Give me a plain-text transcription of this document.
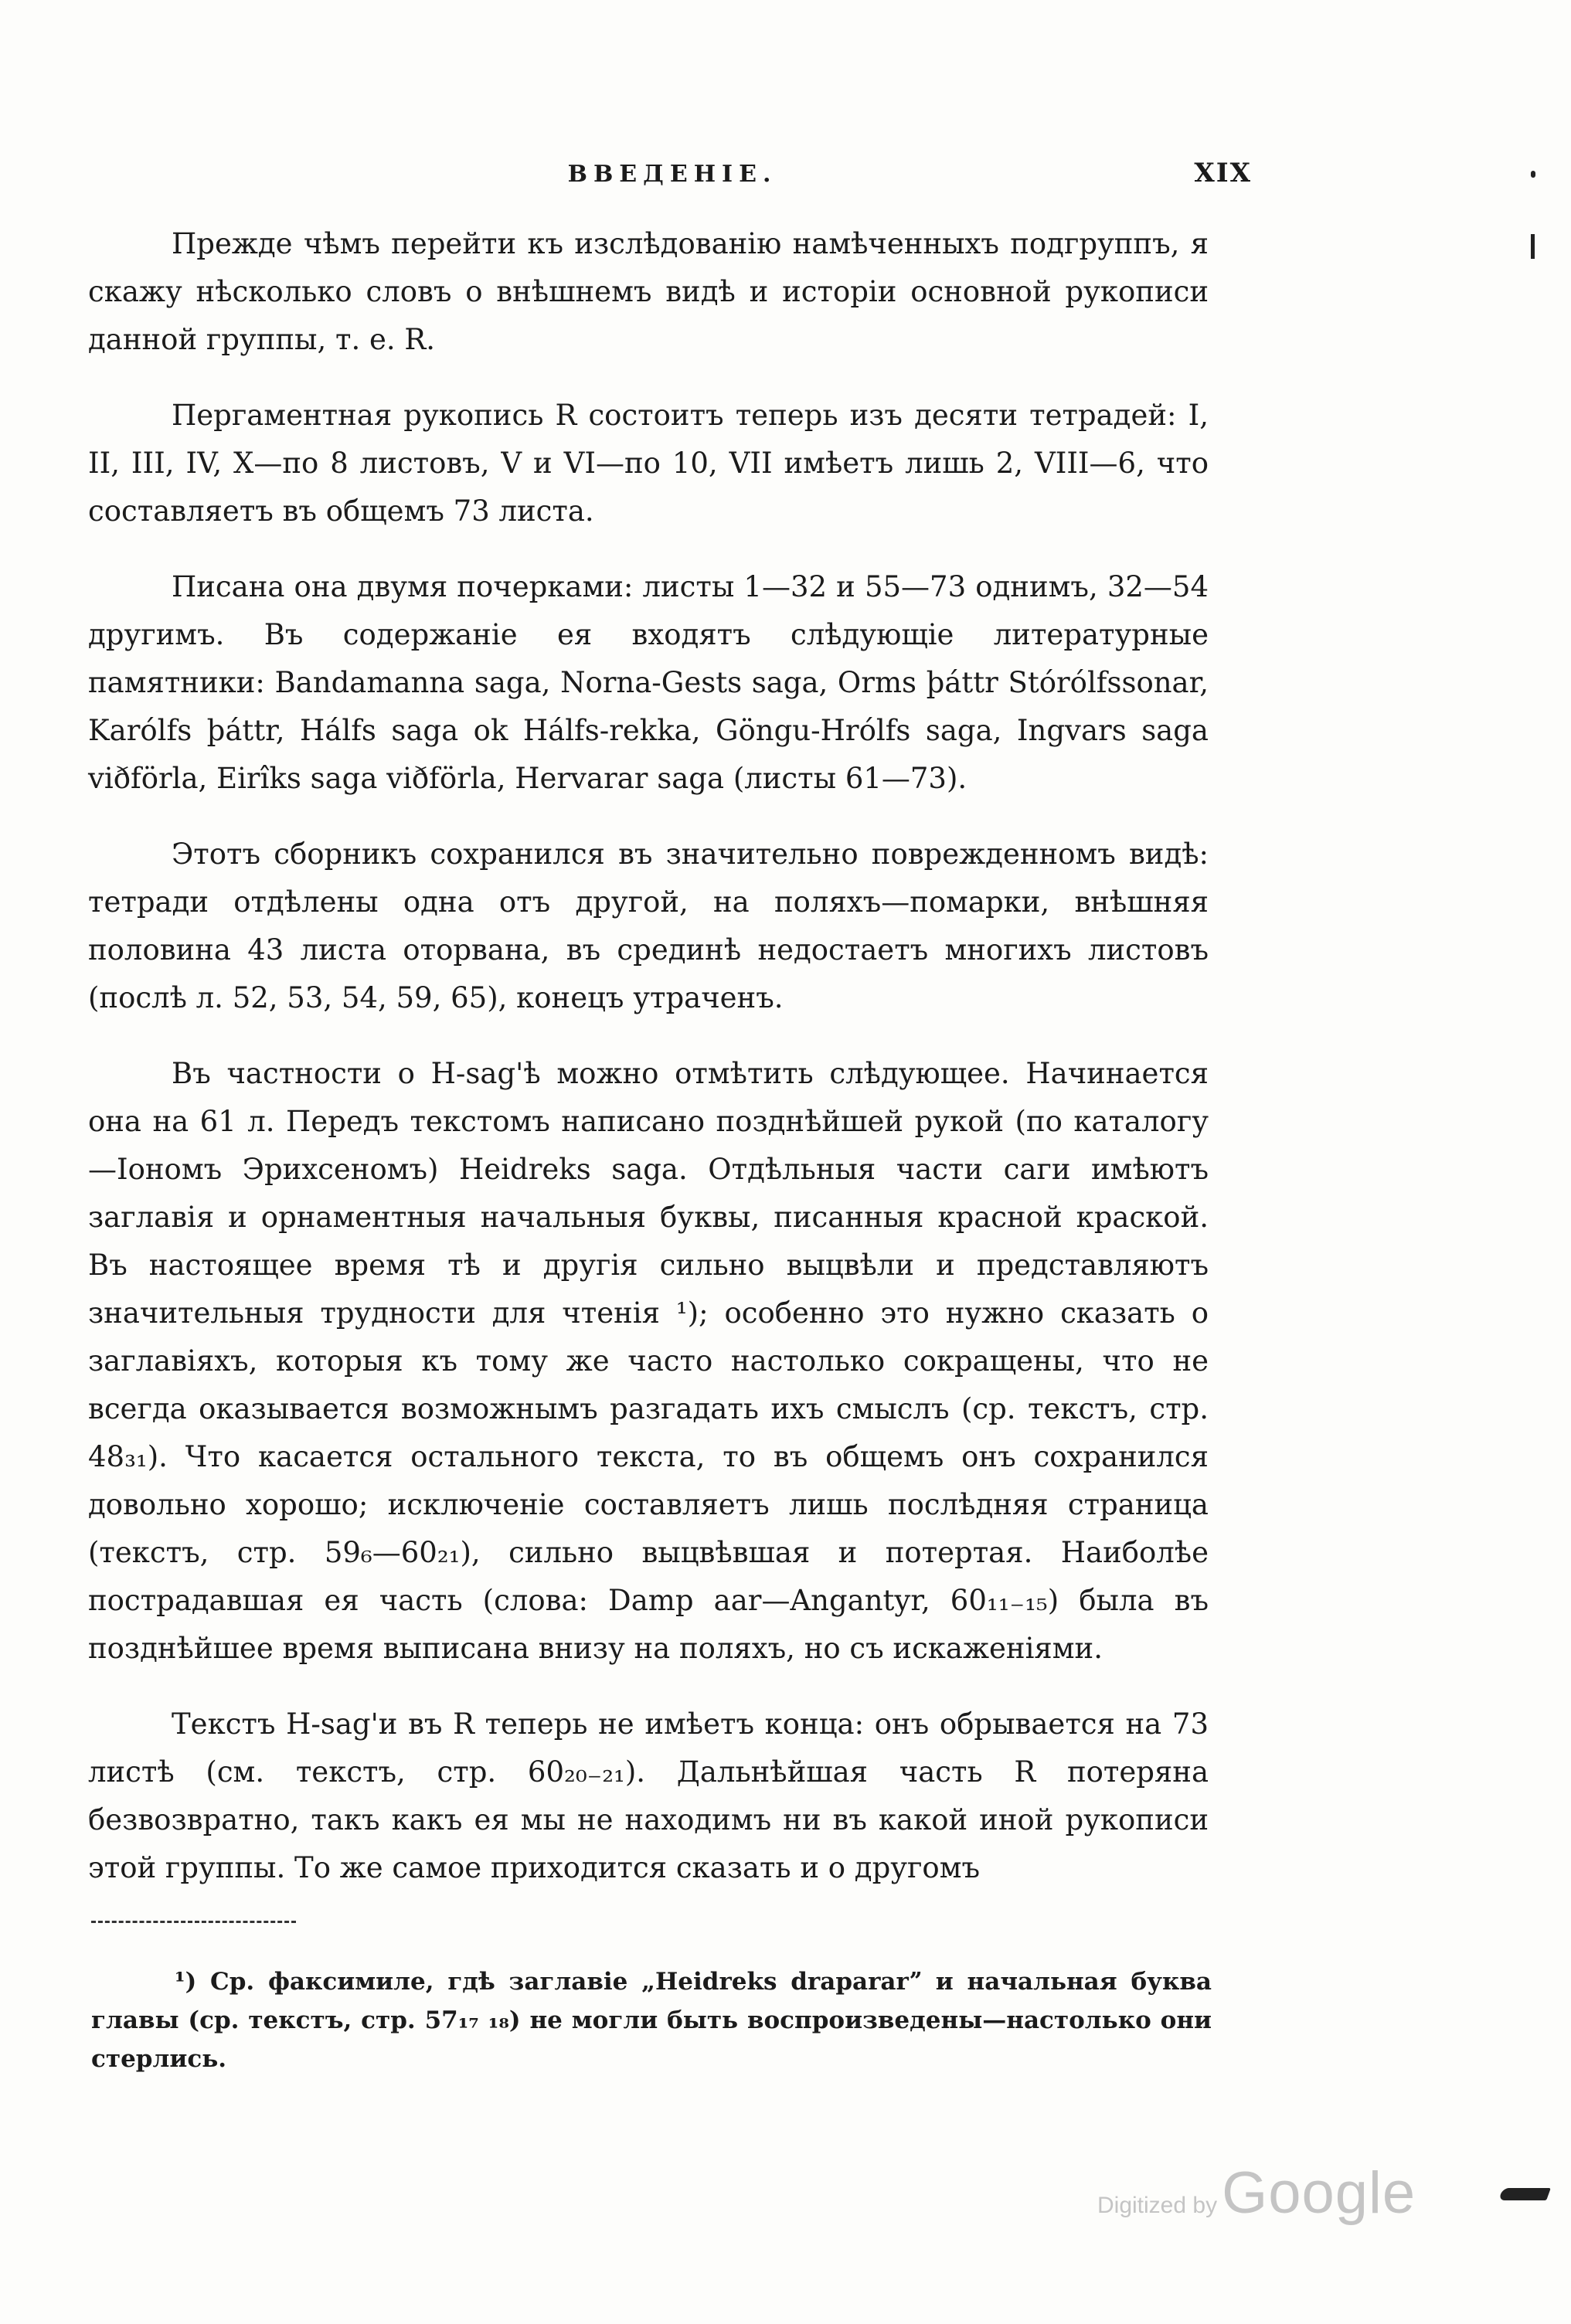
ВВЕДЕНІЕ.	XIX

Прежде чѣмъ перейти къ изслѣдованію намѣченныхъ подгруппъ, я скажу нѣсколько словъ о внѣшнемъ видѣ и исторіи основной рукописи данной группы, т. е. R.

Пергаментная рукопись R состоитъ теперь изъ десяти тетрадей: I, II, III, IV, X—по 8 листовъ, V и VI—по 10, VII имѣетъ лишь 2, VIII—6, что составляетъ въ общемъ 73 листа.

Писана она двумя почерками: листы 1—32 и 55—73 однимъ, 32—54 другимъ. Въ содержаніе ея входятъ слѣдующіе литературные памятники: Bandamanna saga, Norna-Gests saga, Orms þáttr Stórólfssonar, Karólfs þáttr, Hálfs saga ok Hálfs-rekka, Göngu-Hrólfs saga, Ingvars saga viðförla, Eirîks saga viðförla, Hervarar saga (листы 61—73).

Этотъ сборникъ сохранился въ значительно поврежденномъ видѣ: тетради отдѣлены одна отъ другой, на поляхъ—помарки, внѣшняя половина 43 листа оторвана, въ срединѣ недостаетъ многихъ листовъ (послѣ л. 52, 53, 54, 59, 65), конецъ утраченъ.

Въ частности о H-sag'ѣ можно отмѣтить слѣдующее. Начинается она на 61 л. Передъ текстомъ написано позднѣйшей рукой (по каталогу—Іономъ Эрихсеномъ) Heidreks saga. Отдѣльныя части саги имѣютъ заглавія и орнаментныя начальныя буквы, писанныя красной краской. Въ настоящее время тѣ и другія сильно выцвѣли и представляютъ значительныя трудности для чтенія ¹); особенно это нужно сказать о заглавіяхъ, которыя къ тому же часто настолько сокращены, что не всегда оказывается возможнымъ разгадать ихъ смыслъ (ср. текстъ, стр. 48₃₁). Что касается остального текста, то въ общемъ онъ сохранился довольно хорошо; исключеніе составляетъ лишь послѣдняя страница (текстъ, стр. 59₆—60₂₁), сильно выцвѣвшая и потертая. Наиболѣе пострадавшая ея часть (слова: Damp aar—Angantyr, 60₁₁₋₁₅) была въ позднѣйшее время выписана внизу на поляхъ, но съ искаженіями.

Текстъ H-sag'и въ R теперь не имѣетъ конца: онъ обрывается на 73 листѣ (см. текстъ, стр. 60₂₀₋₂₁). Дальнѣйшая часть R потеряна безвозвратно, такъ какъ ея мы не находимъ ни въ какой иной рукописи этой группы. То же самое приходится сказать и о другомъ

¹) Ср. факсимиле, гдѣ заглавіе „Heidreks drapararˮ и начальная буква главы (ср. текстъ, стр. 57₁₇ ₁₈) не могли быть воспроизведены—настолько они стерлись.
Digitized by Google
